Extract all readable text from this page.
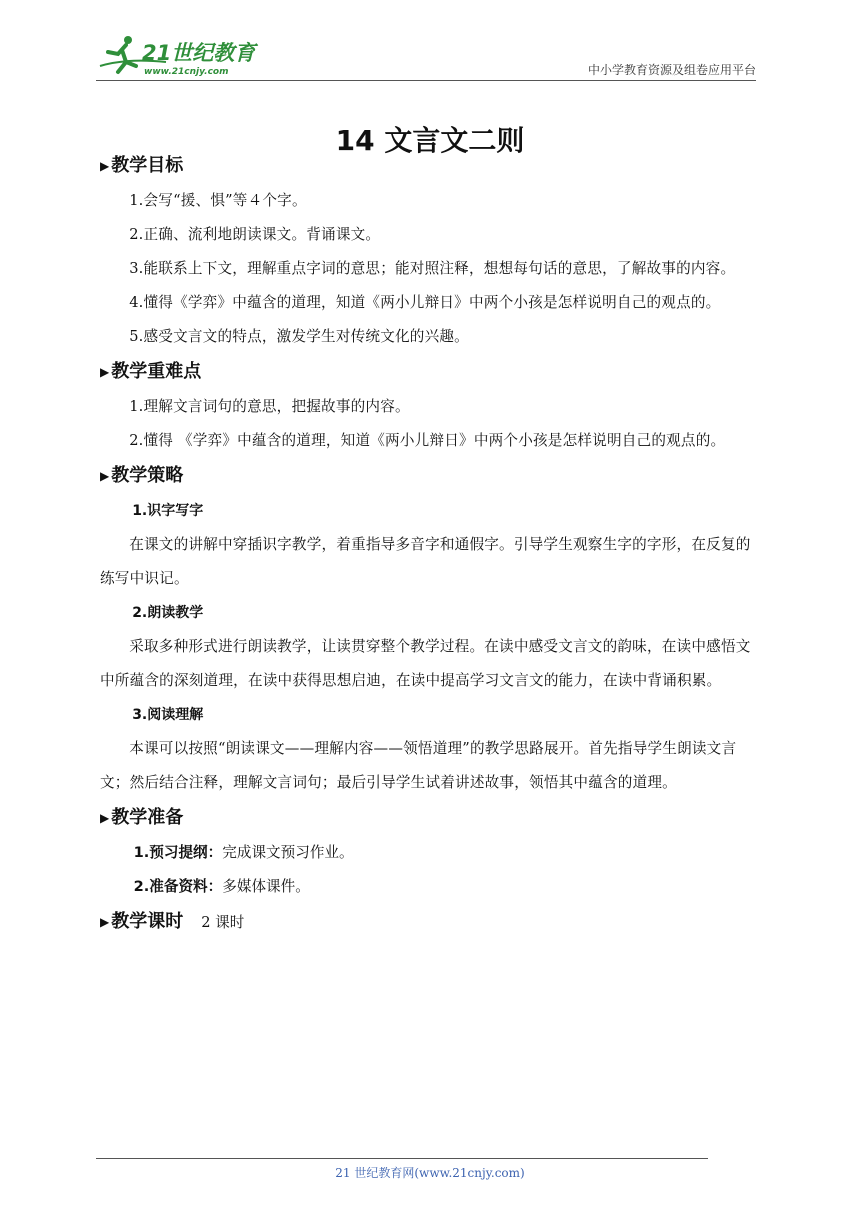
21世纪教育
www.21cnjy.com	中小学教育资源及组卷应用平台
14 文言文二则
▶ 教学目标

1.会写“援、惧”等４个字。

2.正确、流利地朗读课文。背诵课文。

3.能联系上下文，理解重点字词的意思；能对照注释，想想每句话的意思，了解故事的内容。

4.懂得《学弈》中蕴含的道理，知道《两小儿辩日》中两个小孩是怎样说明自己的观点的。

5.感受文言文的特点，激发学生对传统文化的兴趣。

▶ 教学重难点

1.理解文言词句的意思，把握故事的内容。

2.懂得 《学弈》中蕴含的道理，知道《两小儿辩日》中两个小孩是怎样说明自己的观点的。

▶ 教学策略

1.识字写字

在课文的讲解中穿插识字教学，着重指导多音字和通假字。引导学生观察生字的字形，在反复的练写中识记。

2.朗读教学

采取多种形式进行朗读教学，让读贯穿整个教学过程。在读中感受文言文的韵味，在读中感悟文中所蕴含的深刻道理，在读中获得思想启迪，在读中提高学习文言文的能力，在读中背诵积累。

3.阅读理解

本课可以按照“朗读课文——理解内容——领悟道理”的教学思路展开。首先指导学生朗读文言文；然后结合注释，理解文言词句；最后引导学生试着讲述故事，领悟其中蕴含的道理。

▶ 教学准备

1.预习提纲：完成课文预习作业。

2.准备资料：多媒体课件。

▶ 教学课时 2 课时
21 世纪教育网(www.21cnjy.com)
